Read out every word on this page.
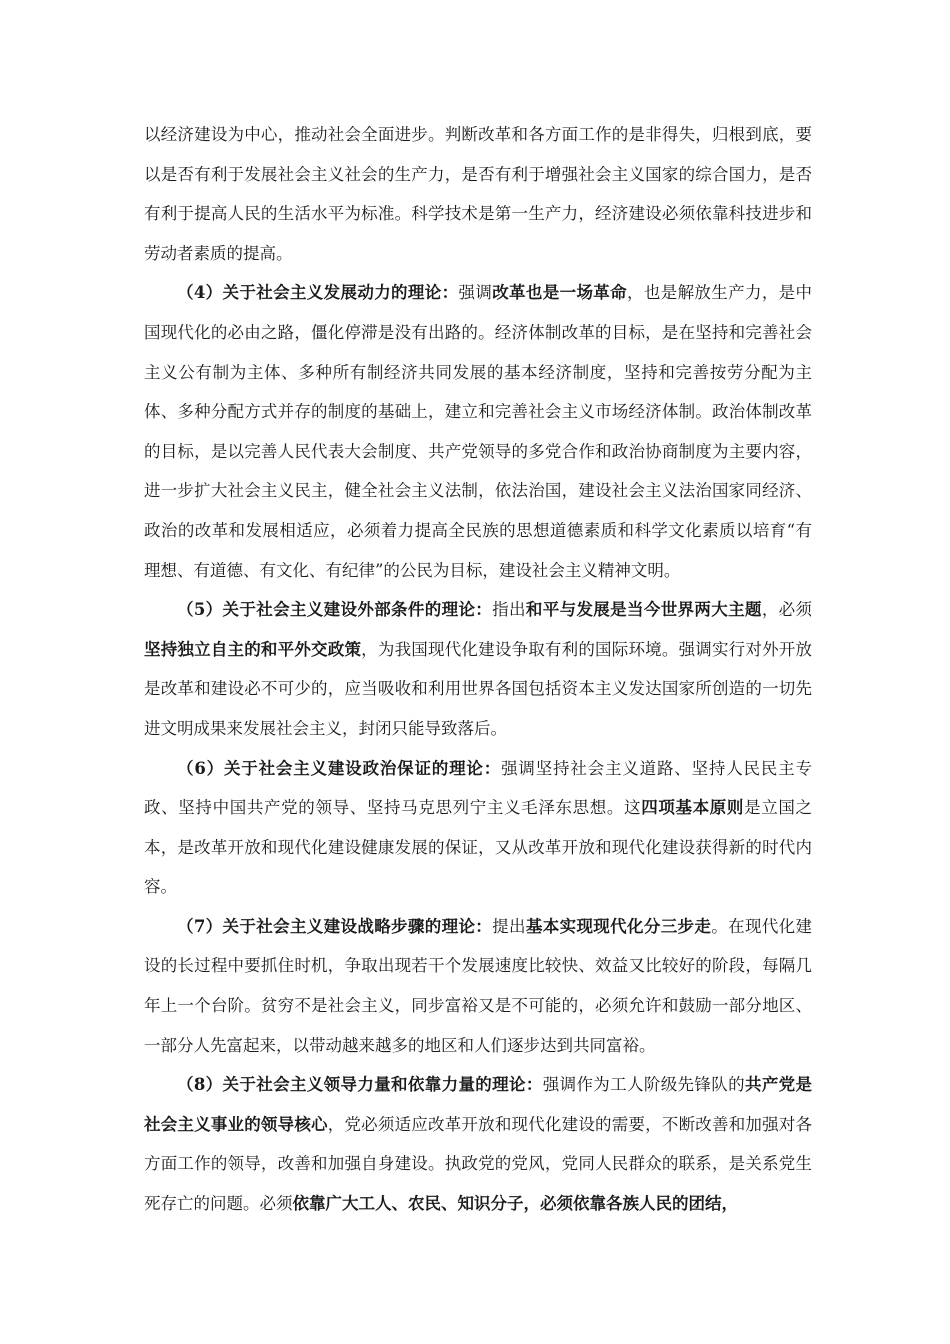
以经济建设为中心，推动社会全面进步。判断改革和各方面工作的是非得失，归根到底，要以是否有利于发展社会主义社会的生产力，是否有利于增强社会主义国家的综合国力，是否有利于提高人民的生活水平为标准。科学技术是第一生产力，经济建设必须依靠科技进步和劳动者素质的提高。

（4）关于社会主义发展动力的理论：强调改革也是一场革命，也是解放生产力，是中国现代化的必由之路，僵化停滞是没有出路的。经济体制改革的目标，是在坚持和完善社会主义公有制为主体、多种所有制经济共同发展的基本经济制度，坚持和完善按劳分配为主体、多种分配方式并存的制度的基础上，建立和完善社会主义市场经济体制。政治体制改革的目标，是以完善人民代表大会制度、共产党领导的多党合作和政治协商制度为主要内容，进一步扩大社会主义民主，健全社会主义法制，依法治国，建设社会主义法治国家同经济、政治的改革和发展相适应，必须着力提高全民族的思想道德素质和科学文化素质以培育“有理想、有道德、有文化、有纪律”的公民为目标，建设社会主义精神文明。

（5）关于社会主义建设外部条件的理论：指出和平与发展是当今世界两大主题，必须坚持独立自主的和平外交政策，为我国现代化建设争取有利的国际环境。强调实行对外开放是改革和建设必不可少的，应当吸收和利用世界各国包括资本主义发达国家所创造的一切先进文明成果来发展社会主义，封闭只能导致落后。

（6）关于社会主义建设政治保证的理论：强调坚持社会主义道路、坚持人民民主专政、坚持中国共产党的领导、坚持马克思列宁主义毛泽东思想。这四项基本原则是立国之本，是改革开放和现代化建设健康发展的保证，又从改革开放和现代化建设获得新的时代内容。

（7）关于社会主义建设战略步骤的理论：提出基本实现现代化分三步走。在现代化建设的长过程中要抓住时机，争取出现若干个发展速度比较快、效益又比较好的阶段，每隔几年上一个台阶。贫穷不是社会主义，同步富裕又是不可能的，必须允许和鼓励一部分地区、一部分人先富起来，以带动越来越多的地区和人们逐步达到共同富裕。

（8）关于社会主义领导力量和依靠力量的理论：强调作为工人阶级先锋队的共产党是社会主义事业的领导核心，党必须适应改革开放和现代化建设的需要，不断改善和加强对各方面工作的领导，改善和加强自身建设。执政党的党风，党同人民群众的联系，是关系党生死存亡的问题。必须依靠广大工人、农民、知识分子，必须依靠各族人民的团结，
